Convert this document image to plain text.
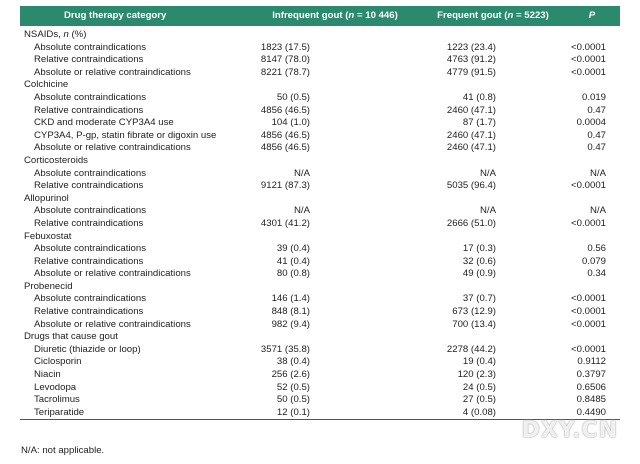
Drug therapy category	Infrequent gout (n = 10 446)	Frequent gout (n = 5223)	P
NSAIDs, n (%)			
Absolute contraindications	1823 (17.5)	1223 (23.4)	<0.0001
Relative contraindications	8147 (78.0)	4763 (91.2)	<0.0001
Absolute or relative contraindications	8221 (78.7)	4779 (91.5)	<0.0001
Colchicine			
Absolute contraindications	50 (0.5)	41 (0.8)	0.019
Relative contraindications	4856 (46.5)	2460 (47.1)	0.47
CKD and moderate CYP3A4 use	104 (1.0)	87 (1.7)	0.0004
CYP3A4, P-gp, statin fibrate or digoxin use	4856 (46.5)	2460 (47.1)	0.47
Absolute or relative contraindications	4856 (46.5)	2460 (47.1)	0.47
Corticosteroids			
Absolute contraindications	N/A	N/A	N/A
Relative contraindications	9121 (87.3)	5035 (96.4)	<0.0001
Allopurinol			
Absolute contraindications	N/A	N/A	N/A
Relative contraindications	4301 (41.2)	2666 (51.0)	<0.0001
Febuxostat			
Absolute contraindications	39 (0.4)	17 (0.3)	0.56
Relative contraindications	41 (0.4)	32 (0.6)	0.079
Absolute or relative contraindications	80 (0.8)	49 (0.9)	0.34
Probenecid			
Absolute contraindications	146 (1.4)	37 (0.7)	<0.0001
Relative contraindications	848 (8.1)	673 (12.9)	<0.0001
Absolute or relative contraindications	982 (9.4)	700 (13.4)	<0.0001
Drugs that cause gout			
Diuretic (thiazide or loop)	3571 (35.8)	2278 (44.2)	<0.0001
Ciclosporin	38 (0.4)	19 (0.4)	0.9112
Niacin	256 (2.6)	120 (2.3)	0.3797
Levodopa	52 (0.5)	24 (0.5)	0.6506
Tacrolimus	50 (0.5)	27 (0.5)	0.8485
Teriparatide	12 (0.1)	4 (0.08)	0.4490
N/A: not applicable.
DXY.CN
